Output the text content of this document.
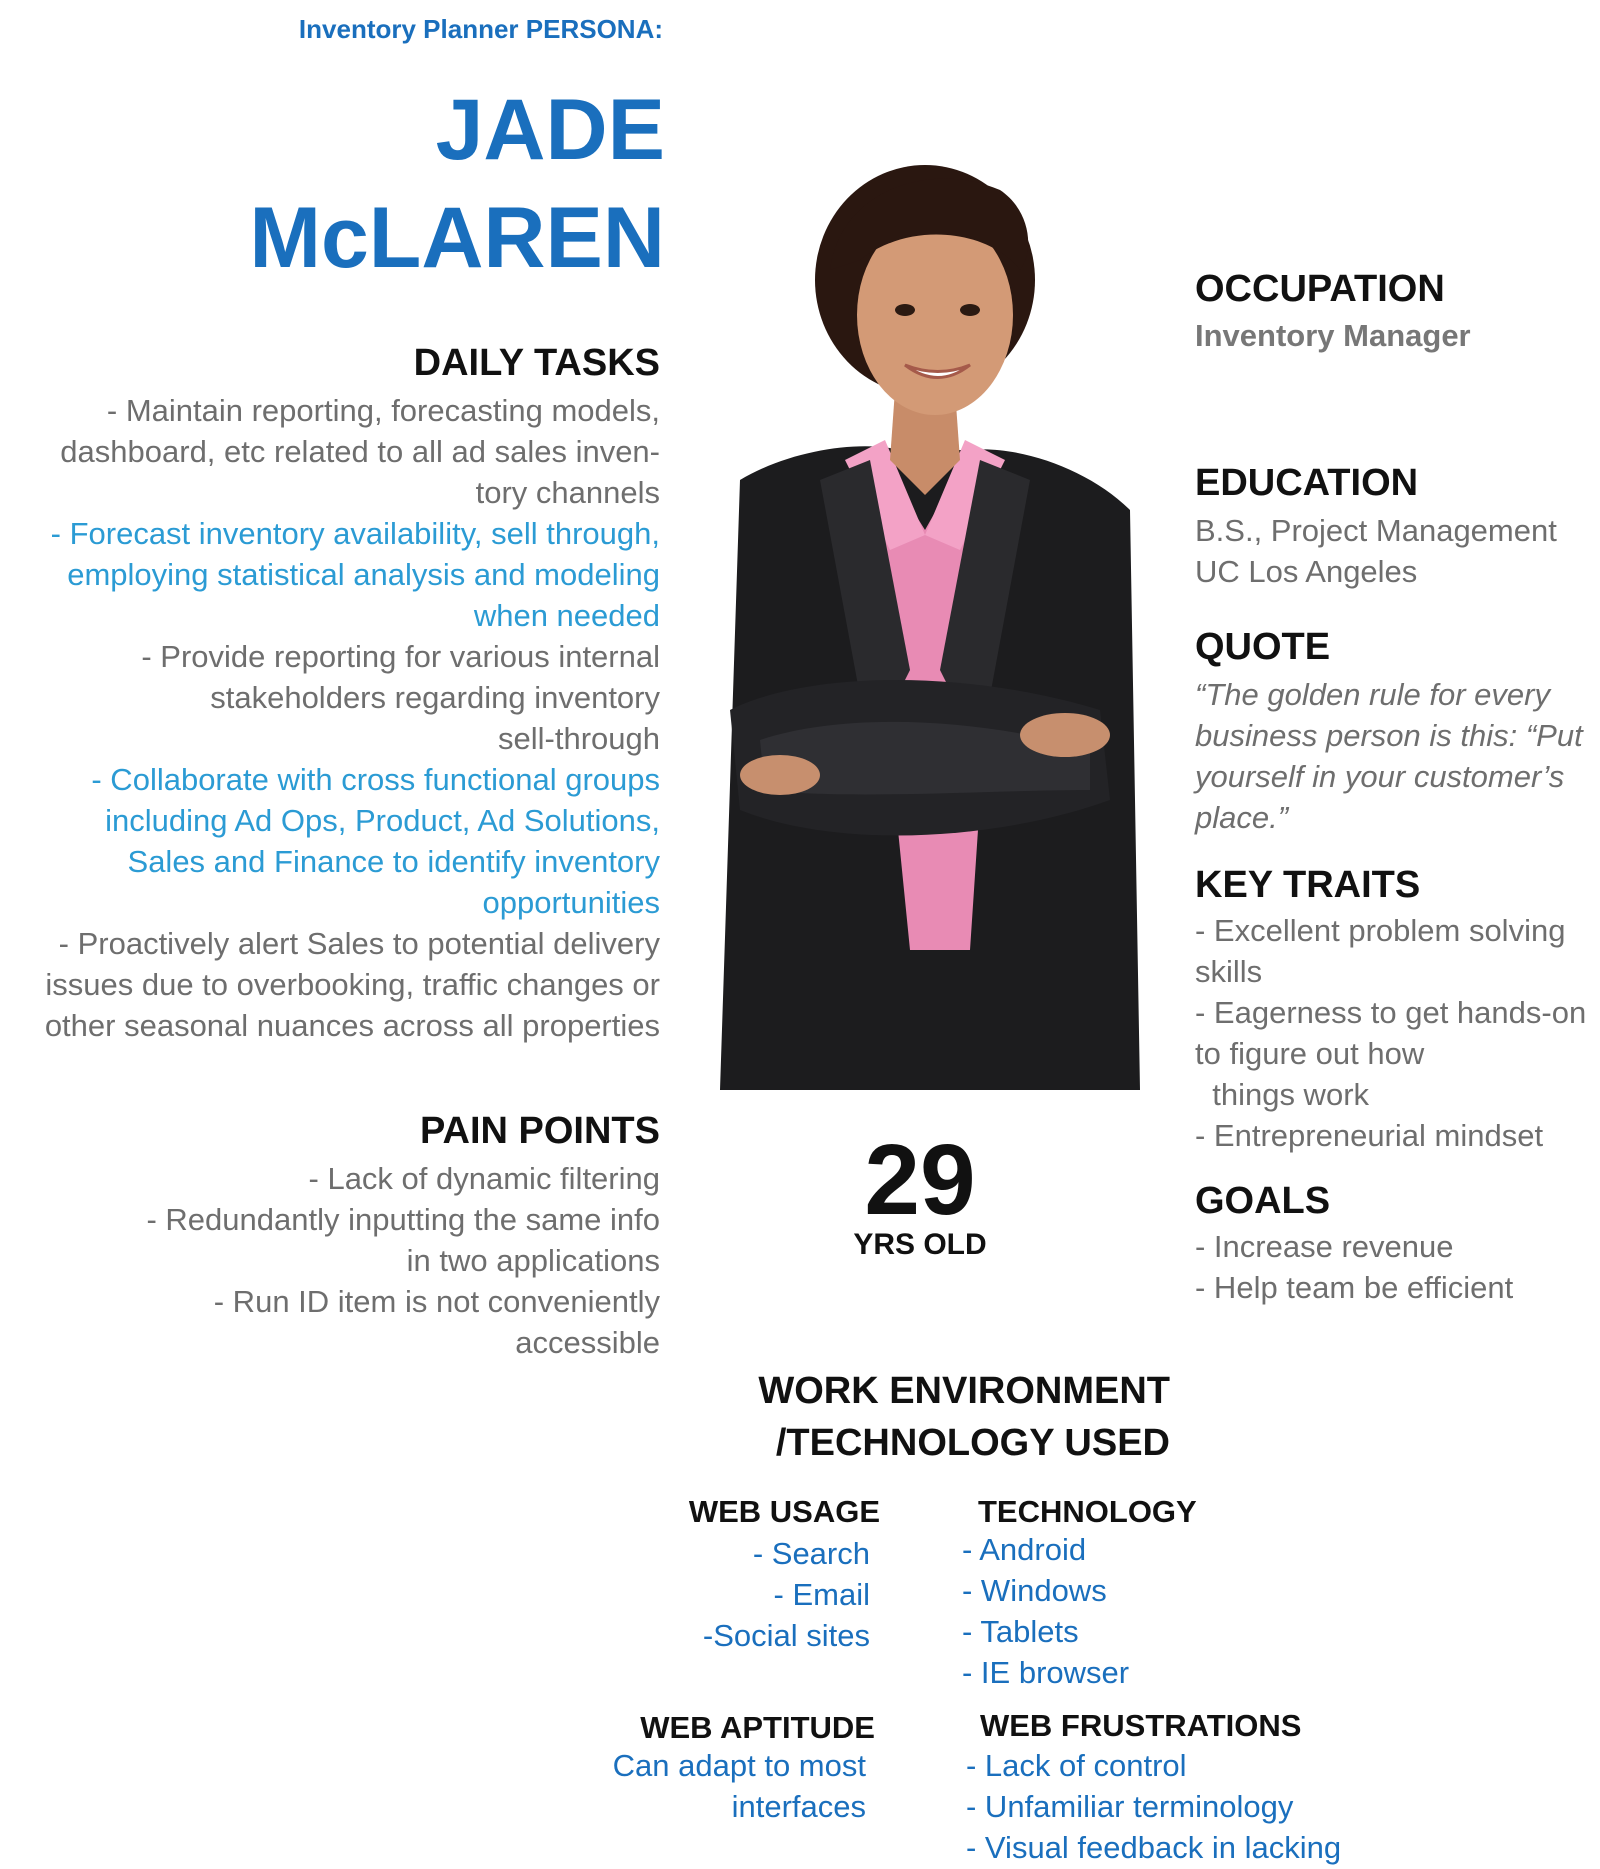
Inventory Planner PERSONA:
JADE
McLAREN
DAILY TASKS
- Maintain reporting, forecasting models,
dashboard, etc related to all ad sales inven-
tory channels
- Forecast inventory availability, sell through,
employing statistical analysis and modeling
when needed
- Provide reporting for various internal
stakeholders regarding inventory
sell-through
- Collaborate with cross functional groups
including Ad Ops, Product, Ad Solutions,
Sales and Finance to identify inventory
opportunities
- Proactively alert Sales to potential delivery
issues due to overbooking, traffic changes or
other seasonal nuances across all properties
PAIN POINTS
- Lack of dynamic filtering
- Redundantly inputting the same info
in two applications
- Run ID item is not conveniently
accessible
29
YRS OLD
OCCUPATION
Inventory Manager
EDUCATION
B.S., Project Management
UC Los Angeles
QUOTE
“The golden rule for every
business person is this: “Put
yourself in your customer’s
place.”
KEY TRAITS
- Excellent problem solving
skills
- Eagerness to get hands-on
to figure out how
things work
- Entrepreneurial mindset
GOALS
- Increase revenue
- Help team be efficient
WORK ENVIRONMENT
/TECHNOLOGY USED
WEB USAGE
- Search
- Email
-Social sites
TECHNOLOGY
- Android
- Windows
- Tablets
- IE browser
WEB APTITUDE
Can adapt to most
interfaces
WEB FRUSTRATIONS
- Lack of control
- Unfamiliar terminology
- Visual feedback in lacking
